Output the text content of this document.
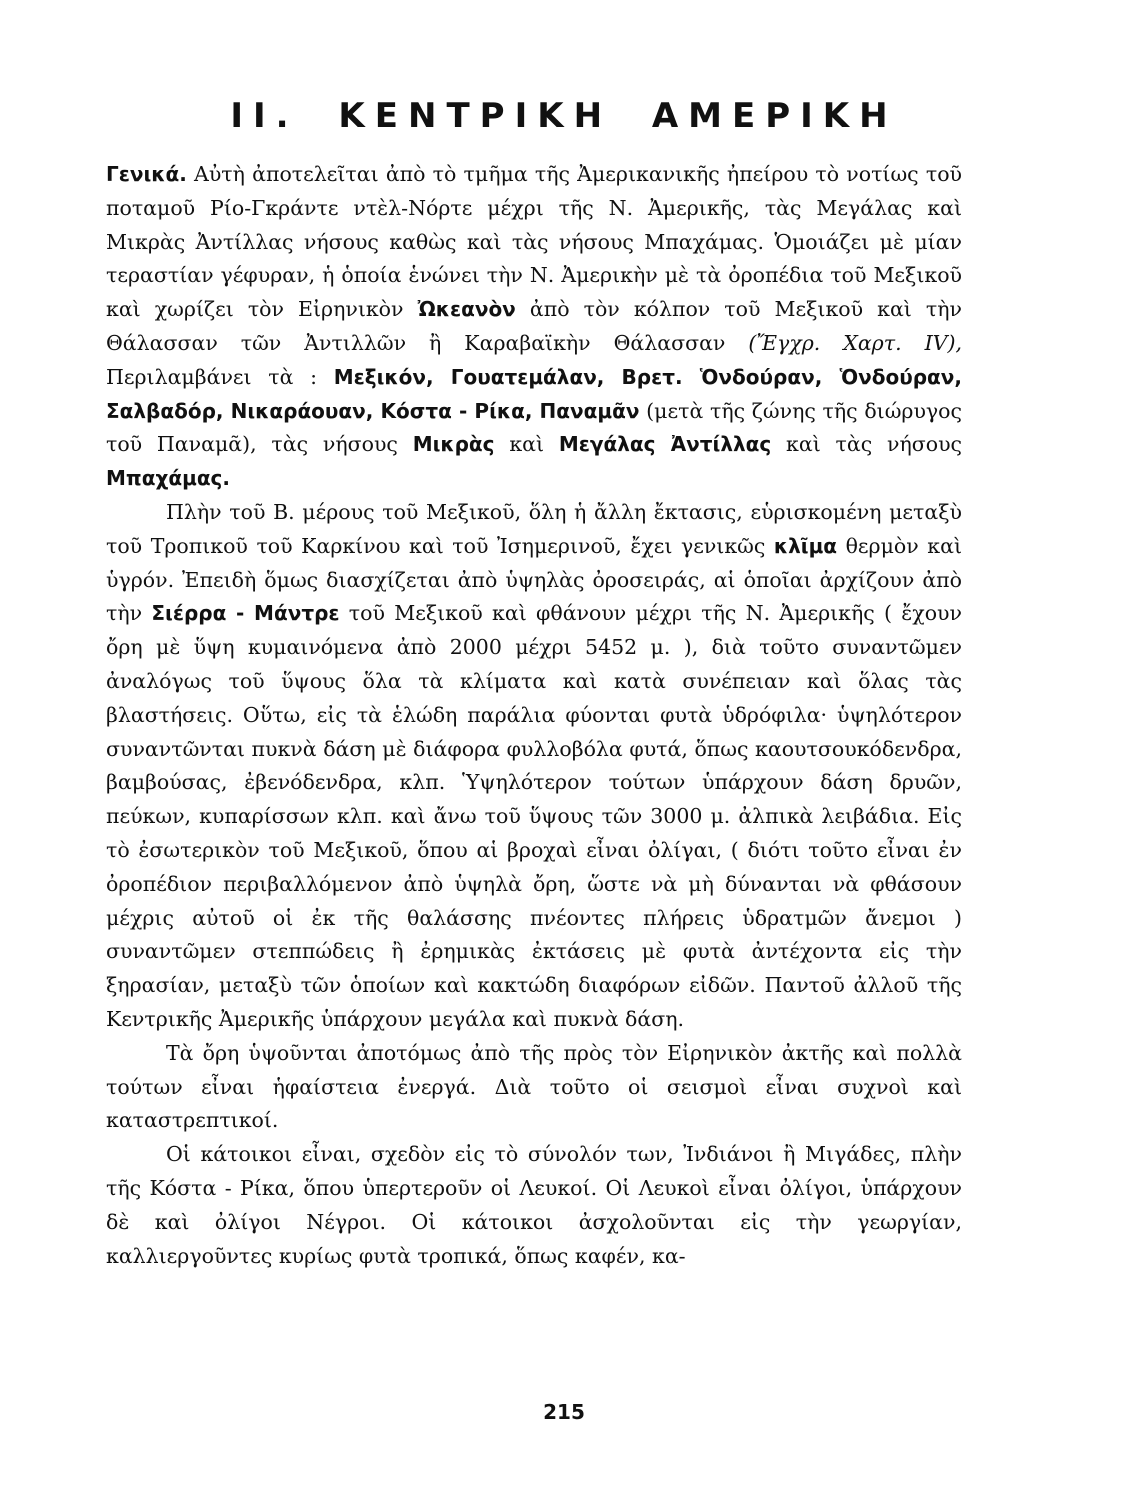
II. ΚΕΝΤΡΙΚΗ ΑΜΕΡΙΚΗ

Γενικά. Αὐτὴ ἀποτελεῖται ἀπὸ τὸ τμῆμα τῆς Ἀμερικανικῆς ἠπείρου τὸ νοτίως τοῦ ποταμοῦ Ρίο-Γκράντε ντὲλ-Νόρτε μέχρι τῆς Ν. Ἀμερικῆς, τὰς Μεγάλας καὶ Μικρὰς Ἀντίλλας νήσους καθὼς καὶ τὰς νήσους Μπαχάμας. Ὁμοιάζει μὲ μίαν τεραστίαν γέφυραν, ἡ ὁποία ἑνώνει τὴν Ν. Ἀμερικὴν μὲ τὰ ὀροπέδια τοῦ Μεξικοῦ καὶ χωρίζει τὸν Εἰρηνικὸν Ὠκεανὸν ἀπὸ τὸν κόλπον τοῦ Μεξικοῦ καὶ τὴν Θάλασσαν τῶν Ἀντιλλῶν ἢ Καραβαϊκὴν Θάλασσαν (Ἔγχρ. Χαρτ. IV), Περιλαμβάνει τὰ : Μεξικόν, Γουατεμάλαν, Βρετ. Ὁνδούραν, Ὁνδούραν, Σαλβαδόρ, Νικαράουαν, Κόστα - Ρίκα, Παναμᾶν (μετὰ τῆς ζώνης τῆς διώρυγος τοῦ Παναμᾶ), τὰς νήσους Μικρὰς καὶ Μεγάλας Ἀντίλλας καὶ τὰς νήσους Μπαχάμας.

Πλὴν τοῦ Β. μέρους τοῦ Μεξικοῦ, ὅλη ἡ ἄλλη ἔκτασις, εὑρισκομένη μεταξὺ τοῦ Τροπικοῦ τοῦ Καρκίνου καὶ τοῦ Ἰσημερινοῦ, ἔχει γενικῶς κλῖμα θερμὸν καὶ ὑγρόν. Ἐπειδὴ ὅμως διασχίζεται ἀπὸ ὑψηλὰς ὀροσειράς, αἱ ὁποῖαι ἀρχίζουν ἀπὸ τὴν Σιέρρα - Μάντρε τοῦ Μεξικοῦ καὶ φθάνουν μέχρι τῆς Ν. Ἀμερικῆς ( ἔχουν ὄρη μὲ ὕψη κυμαινόμενα ἀπὸ 2000 μέχρι 5452 μ. ), διὰ τοῦτο συναντῶμεν ἀναλόγως τοῦ ὕψους ὅλα τὰ κλίματα καὶ κατὰ συνέπειαν καὶ ὅλας τὰς βλαστήσεις. Οὕτω, εἰς τὰ ἑλώδη παράλια φύονται φυτὰ ὑδρόφιλα· ὑψηλότερον συναντῶνται πυκνὰ δάση μὲ διάφορα φυλλοβόλα φυτά, ὅπως καουτσουκόδενδρα, βαμβούσας, ἐβενόδενδρα, κλπ. Ὑψηλότερον τούτων ὑπάρχουν δάση δρυῶν, πεύκων, κυπαρίσσων κλπ. καὶ ἄνω τοῦ ὕψους τῶν 3000 μ. ἀλπικὰ λειβάδια. Εἰς τὸ ἐσωτερικὸν τοῦ Μεξικοῦ, ὅπου αἱ βροχαὶ εἶναι ὀλίγαι, ( διότι τοῦτο εἶναι ἐν ὀροπέδιον περιβαλλόμενον ἀπὸ ὑψηλὰ ὄρη, ὥστε νὰ μὴ δύνανται νὰ φθάσουν μέχρις αὐτοῦ οἱ ἐκ τῆς θαλάσσης πνέοντες πλήρεις ὑδρατμῶν ἄνεμοι ) συναντῶμεν στεππώδεις ἢ ἐρημικὰς ἐκτάσεις μὲ φυτὰ ἀντέχοντα εἰς τὴν ξηρασίαν, μεταξὺ τῶν ὁποίων καὶ κακτώδη διαφόρων εἰδῶν. Παντοῦ ἀλλοῦ τῆς Κεντρικῆς Ἀμερικῆς ὑπάρχουν μεγάλα καὶ πυκνὰ δάση.

Τὰ ὄρη ὑψοῦνται ἀποτόμως ἀπὸ τῆς πρὸς τὸν Εἰρηνικὸν ἀκτῆς καὶ πολλὰ τούτων εἶναι ἡφαίστεια ἐνεργά. Διὰ τοῦτο οἱ σεισμοὶ εἶναι συχνοὶ καὶ καταστρεπτικοί.

Οἱ κάτοικοι εἶναι, σχεδὸν εἰς τὸ σύνολόν των, Ἰνδιάνοι ἢ Μιγάδες, πλὴν τῆς Κόστα - Ρίκα, ὅπου ὑπερτεροῦν οἱ Λευκοί. Οἱ Λευκοὶ εἶναι ὀλίγοι, ὑπάρχουν δὲ καὶ ὀλίγοι Νέγροι. Οἱ κάτοικοι ἀσχολοῦνται εἰς τὴν γεωργίαν, καλλιεργοῦντες κυρίως φυτὰ τροπικά, ὅπως καφέν, κα-

215
